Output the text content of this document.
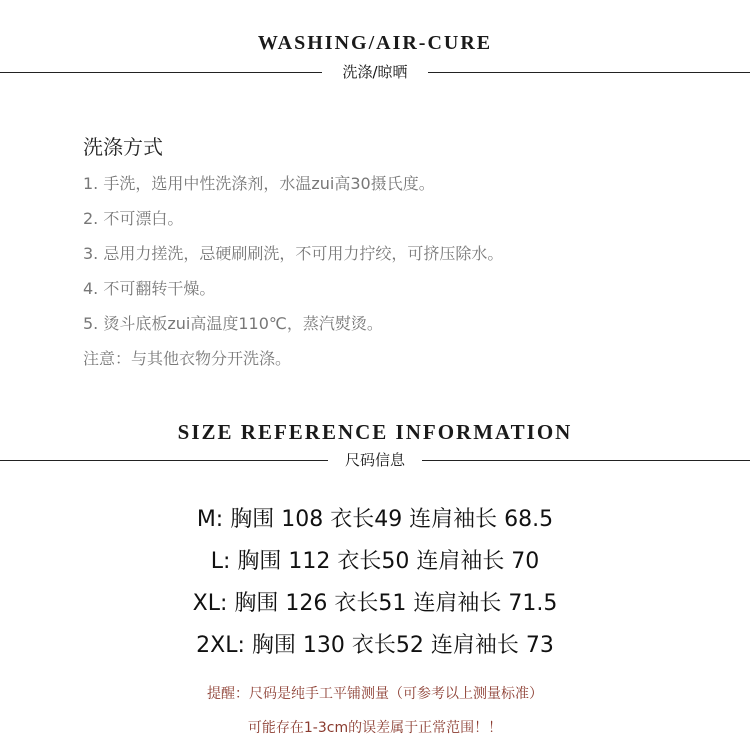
WASHING/AIR-CURE
洗涤/晾晒
洗涤方式
1. 手洗，选用中性洗涤剂，水温zui高30摄氏度。
2. 不可漂白。
3. 忌用力搓洗，忌硬刷刷洗，不可用力拧绞，可挤压除水。
4. 不可翻转干燥。
5. 烫斗底板zui高温度110℃，蒸汽熨烫。
注意：与其他衣物分开洗涤。
SIZE REFERENCE INFORMATION
尺码信息
M: 胸围 108 衣长49 连肩袖长 68.5
L: 胸围 112 衣长50 连肩袖长 70
XL: 胸围 126 衣长51 连肩袖长 71.5
2XL: 胸围 130 衣长52 连肩袖长 73
提醒：尺码是纯手工平铺测量（可参考以上测量标准）
可能存在1-3cm的误差属于正常范围！！
